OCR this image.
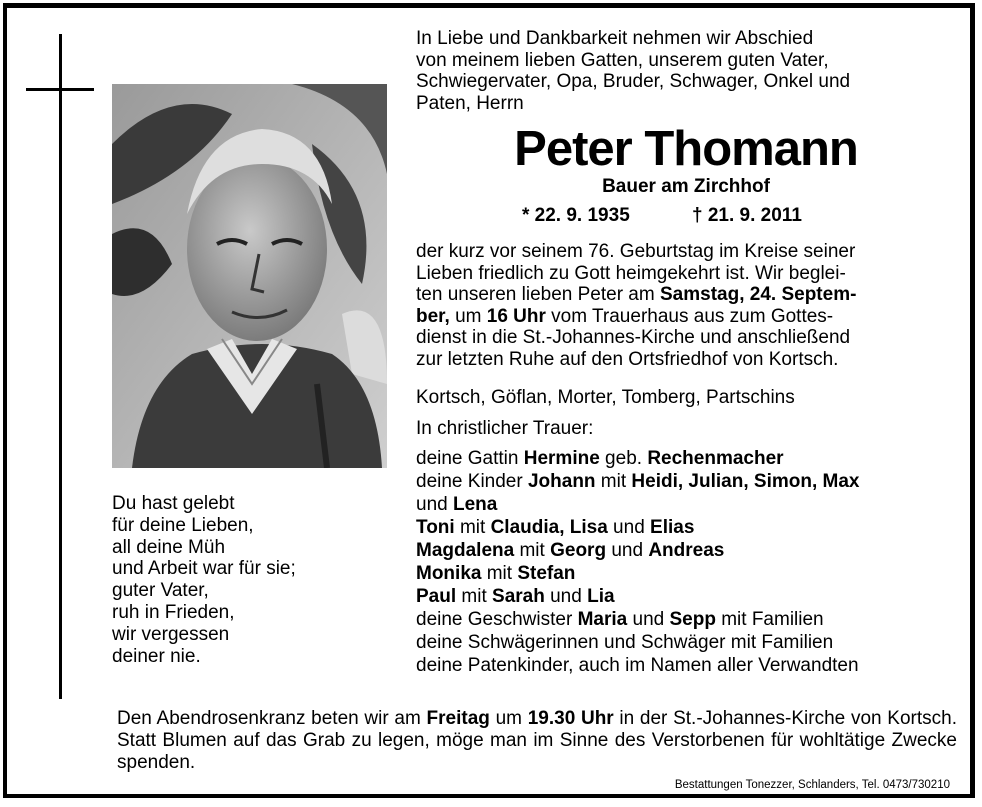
In Liebe und Dankbarkeit nehmen wir Abschied
von meinem lieben Gatten, unserem guten Vater,
Schwiegervater, Opa, Bruder, Schwager, Onkel und
Paten, Herrn
Peter Thomann
Bauer am Zirchhof
* 22. 9. 1935	† 21. 9. 2011
der kurz vor seinem 76. Geburtstag im Kreise seiner
Lieben friedlich zu Gott heimgekehrt ist. Wir beglei-
ten unseren lieben Peter am Samstag, 24. Septem-
ber, um 16 Uhr vom Trauerhaus aus zum Gottes-
dienst in die St.-Johannes-Kirche und anschließend
zur letzten Ruhe auf den Ortsfriedhof von Kortsch.
Kortsch, Göflan, Morter, Tomberg, Partschins
In christlicher Trauer:
deine Gattin Hermine geb. Rechenmacher
deine Kinder Johann mit Heidi, Julian, Simon, Max
und Lena
Toni mit Claudia, Lisa und Elias
Magdalena mit Georg und Andreas
Monika mit Stefan
Paul mit Sarah und Lia
deine Geschwister Maria und Sepp mit Familien
deine Schwägerinnen und Schwäger mit Familien
deine Patenkinder, auch im Namen aller Verwandten
Du hast gelebt
für deine Lieben,
all deine Müh
und Arbeit war für sie;
guter Vater,
ruh in Frieden,
wir vergessen
deiner nie.
Den Abendrosenkranz beten wir am Freitag um 19.30 Uhr in der St.-Johannes-Kirche von Kortsch. Statt Blumen auf das Grab zu legen, möge man im Sinne des Verstorbenen für wohltätige Zwecke spenden.
Bestattungen Tonezzer, Schlanders, Tel. 0473/730210
